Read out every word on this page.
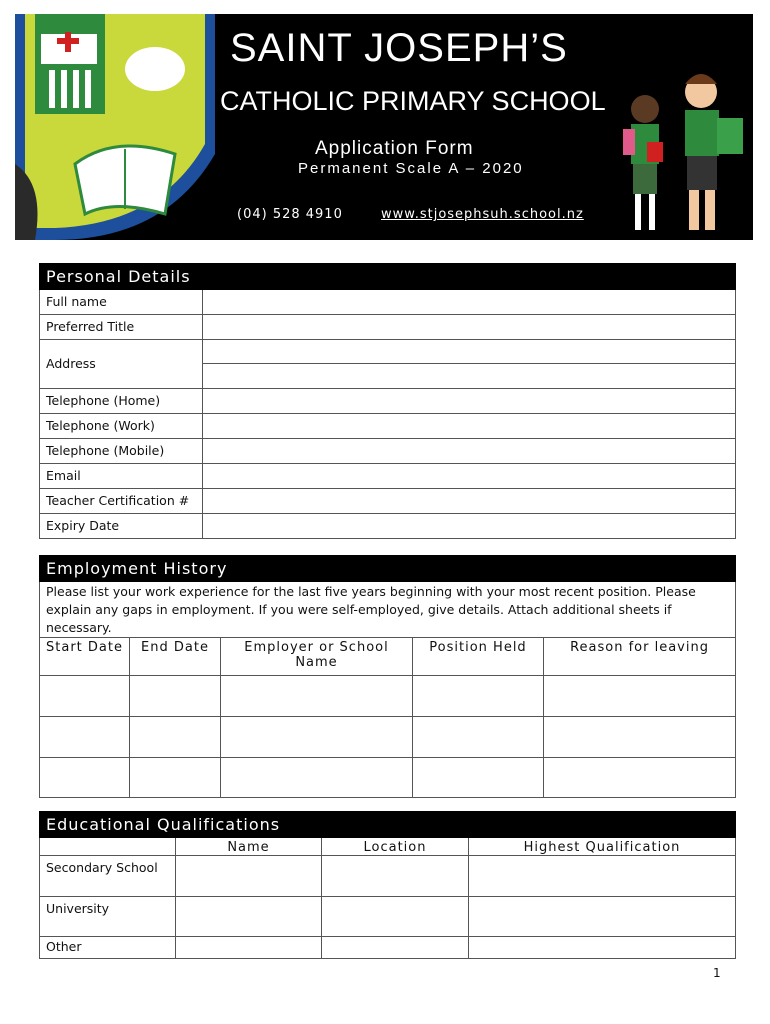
SAINT JOSEPH’S
CATHOLIC PRIMARY SCHOOL
Application Form
Permanent Scale A – 2020
(04) 528 4910	www.stjosephsuh.school.nz
Personal Details	
Full name	
Preferred Title	
Address	

Telephone (Home)	
Telephone (Work)	
Telephone (Mobile)	
Email	
Teacher Certification #	
Expiry Date	
Employment History				
Please list your work experience for the last five years beginning with your most recent position. Please explain any gaps in employment. If you were self-employed, give details. Attach additional sheets if necessary.				
Start Date	End Date	Employer or School Name	Position Held	Reason for leaving

Educational Qualifications			
	Name	Location	Highest Qualification
Secondary School			
University			
Other			
1
